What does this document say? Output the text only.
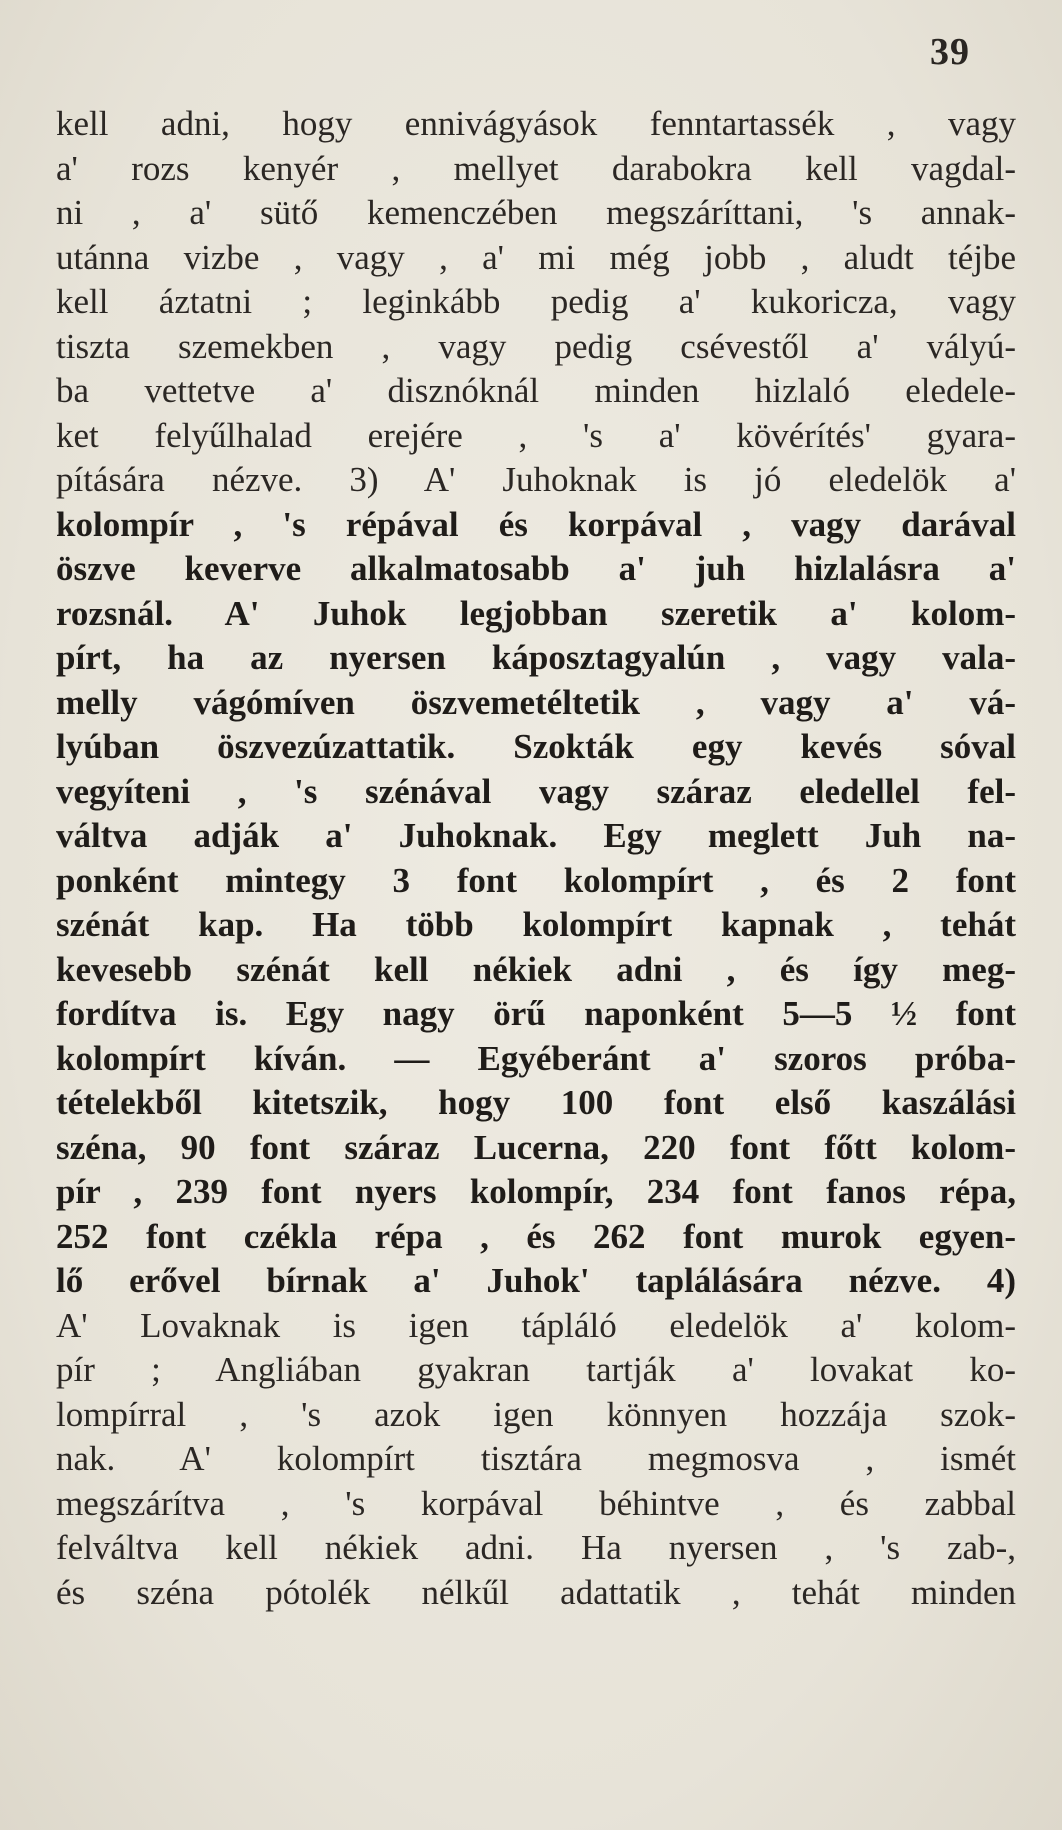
39
kell adni, hogy ennivágyások fenntartassék , vagy
a' rozs kenyér , mellyet darabokra kell vagdal-
ni , a' sütő kemenczében megszáríttani, 's annak-
utánna vizbe , vagy , a' mi még jobb , aludt téjbe
kell áztatni ; leginkább pedig a' kukoricza, vagy
tiszta szemekben , vagy pedig csévestől a' vályú-
ba vettetve a' disznóknál minden hizlaló eledele-
ket felyűlhalad erejére , 's a' kövérítés' gyara-
pítására nézve. 3) A' Juhoknak is jó eledelök a'
kolompír , 's répával és korpával , vagy darával
öszve keverve alkalmatosabb a' juh hizlalásra a'
rozsnál. A' Juhok legjobban szeretik a' kolom-
pírt, ha az nyersen káposztagyalún , vagy vala-
melly vágómíven öszvemetéltetik , vagy a' vá-
lyúban öszvezúzattatik. Szokták egy kevés sóval
vegyíteni , 's szénával vagy száraz eledellel fel-
váltva adják a' Juhoknak. Egy meglett Juh na-
ponként mintegy 3 font kolompírt , és 2 font
szénát kap. Ha több kolompírt kapnak , tehát
kevesebb szénát kell nékiek adni , és így meg-
fordítva is. Egy nagy örű naponként 5—5 ½ font
kolompírt kíván. — Egyéberánt a' szoros próba-
tételekből kitetszik, hogy 100 font első kaszálási
széna, 90 font száraz Lucerna, 220 font főtt kolom-
pír , 239 font nyers kolompír, 234 font fanos répa,
252 font czékla répa , és 262 font murok egyen-
lő erővel bírnak a' Juhok' taplálására nézve. 4)
A' Lovaknak is igen tápláló eledelök a' kolom-
pír ; Angliában gyakran tartják a' lovakat ko-
lompírral , 's azok igen könnyen hozzája szok-
nak. A' kolompírt tisztára megmosva , ismét
megszárítva , 's korpával béhintve , és zabbal
felváltva kell nékiek adni. Ha nyersen , 's zab-,
és széna pótolék nélkűl adattatik , tehát minden
